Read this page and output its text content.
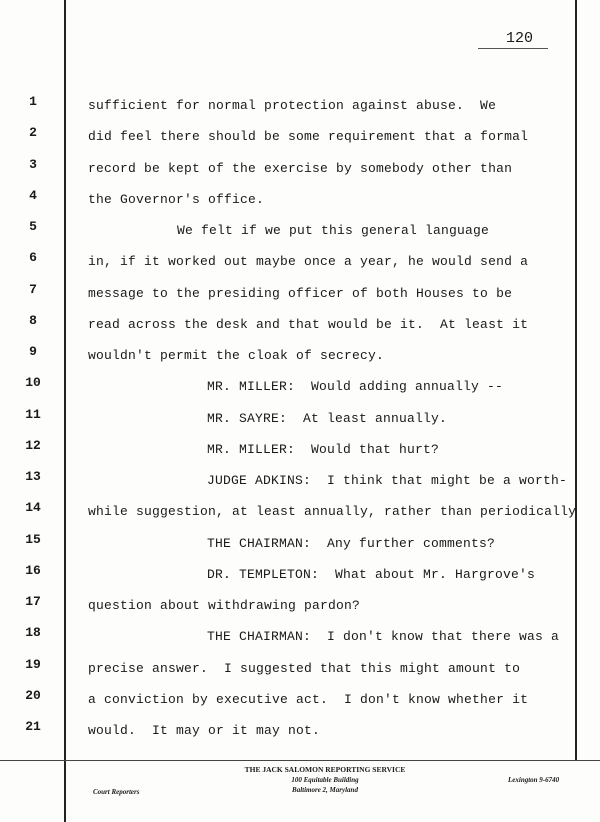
120
1	sufficient for normal protection against abuse.  We
2	did feel there should be some requirement that a formal
3	record be kept of the exercise by somebody other than
4	the Governor's office.
5	We felt if we put this general language
6	in, if it worked out maybe once a year, he would send a
7	message to the presiding officer of both Houses to be
8	read across the desk and that would be it.  At least it
9	wouldn't permit the cloak of secrecy.
10	MR. MILLER:  Would adding annually --
11	MR. SAYRE:  At least annually.
12	MR. MILLER:  Would that hurt?
13	JUDGE ADKINS:  I think that might be a worth-
14	while suggestion, at least annually, rather than periodically
15	THE CHAIRMAN:  Any further comments?
16	DR. TEMPLETON:  What about Mr. Hargrove's
17	question about withdrawing pardon?
18	THE CHAIRMAN:  I don't know that there was a
19	precise answer.  I suggested that this might amount to
20	a conviction by executive act.  I don't know whether it
21	would.  It may or it may not.
THE JACK SALOMON REPORTING SERVICE
100 Equitable Building
Baltimore 2, Maryland
Court Reporters
Lexington 9-6740
